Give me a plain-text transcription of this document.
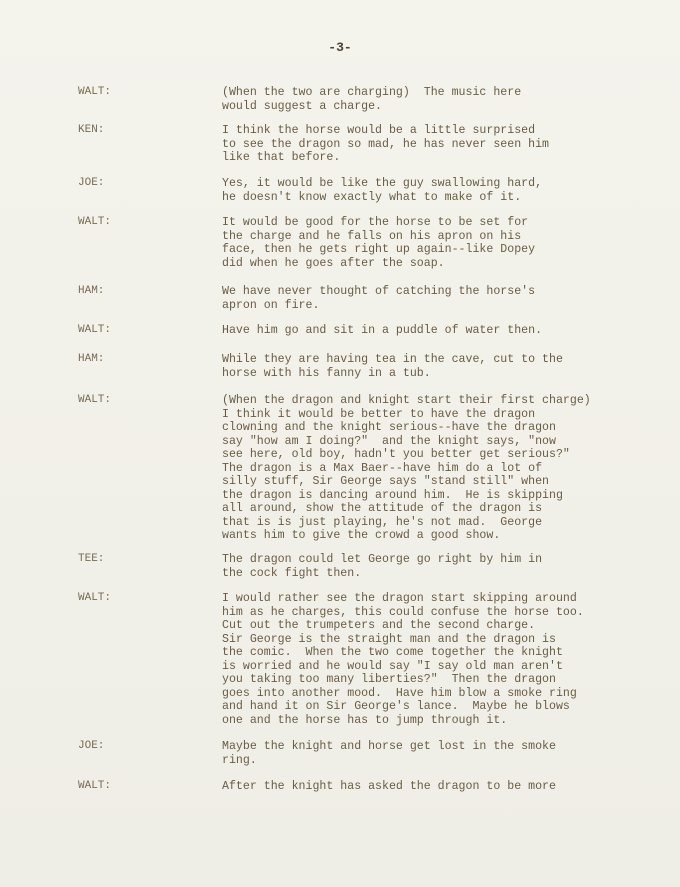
-3-
WALT:	(When the two are charging)  The music here
would suggest a charge.
KEN:	I think the horse would be a little surprised
to see the dragon so mad, he has never seen him
like that before.
JOE:	Yes, it would be like the guy swallowing hard,
he doesn't know exactly what to make of it.
WALT:	It would be good for the horse to be set for
the charge and he falls on his apron on his
face, then he gets right up again--like Dopey
did when he goes after the soap.
HAM:	We have never thought of catching the horse's
apron on fire.
WALT:	Have him go and sit in a puddle of water then.
HAM:	While they are having tea in the cave, cut to the
horse with his fanny in a tub.
WALT:	(When the dragon and knight start their first charge)
I think it would be better to have the dragon
clowning and the knight serious--have the dragon
say "how am I doing?"  and the knight says, "now
see here, old boy, hadn't you better get serious?"
The dragon is a Max Baer--have him do a lot of
silly stuff, Sir George says "stand still" when
the dragon is dancing around him.  He is skipping
all around, show the attitude of the dragon is
that is is just playing, he's not mad.  George
wants him to give the crowd a good show.
TEE:	The dragon could let George go right by him in
the cock fight then.
WALT:	I would rather see the dragon start skipping around
him as he charges, this could confuse the horse too.
Cut out the trumpeters and the second charge.
Sir George is the straight man and the dragon is
the comic.  When the two come together the knight
is worried and he would say "I say old man aren't
you taking too many liberties?"  Then the dragon
goes into another mood.  Have him blow a smoke ring
and hand it on Sir George's lance.  Maybe he blows
one and the horse has to jump through it.
JOE:	Maybe the knight and horse get lost in the smoke
ring.
WALT:	After the knight has asked the dragon to be more
